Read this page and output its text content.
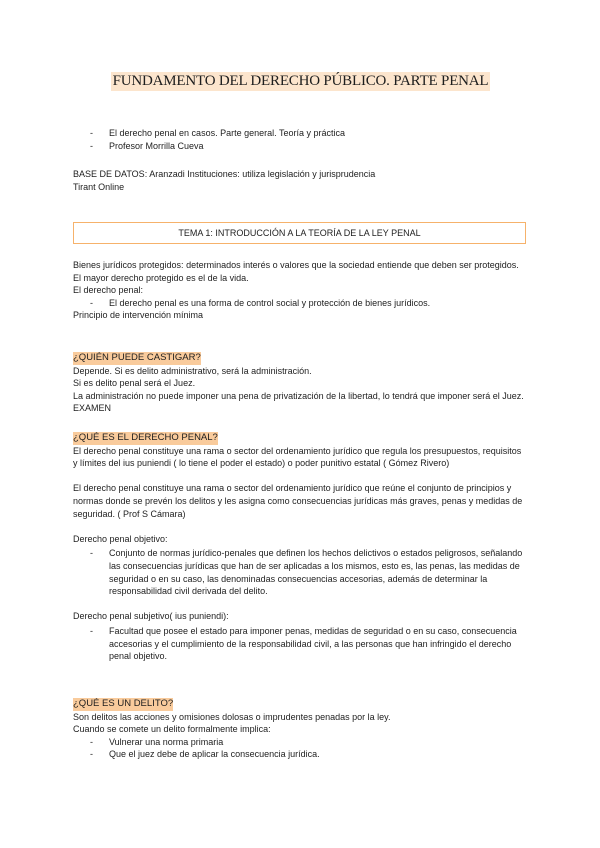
FUNDAMENTO DEL DERECHO PÚBLICO. PARTE PENAL
- El derecho penal en casos. Parte general. Teoría y práctica
- Profesor Morrilla Cueva

BASE DE DATOS: Aranzadi Instituciones: utiliza legislación y jurisprudencia

Tirant Online

TEMA 1: INTRODUCCIÓN A LA TEORÍA DE LA LEY PENAL

Bienes jurídicos protegidos: determinados interés o valores que la sociedad entiende que deben ser protegidos.

El mayor derecho protegido es el de la vida.

El derecho penal:

- El derecho penal es una forma de control social y protección de bienes jurídicos.

Principio de intervención mínima

¿QUIÉN PUEDE CASTIGAR?

Depende. Si es delito administrativo, será la administración.

Si es delito penal será el Juez.

La administración no puede imponer una pena de privatización de la libertad, lo tendrá que imponer será el Juez. EXAMEN

¿QUÉ ES EL DERECHO PENAL?

El derecho penal constituye una rama o sector del ordenamiento jurídico que regula los presupuestos, requisitos y límites del ius puniendi ( lo tiene el poder el estado) o poder punitivo estatal ( Gómez Rivero)

El derecho penal constituye una rama o sector del ordenamiento jurídico que reúne el conjunto de principios y normas donde se prevén los delitos y les asigna como consecuencias jurídicas más graves, penas y medidas de seguridad. ( Prof S Cámara)

Derecho penal objetivo:

- Conjunto de normas jurídico-penales que definen los hechos delictivos o estados peligrosos, señalando las consecuencias jurídicas que han de ser aplicadas a los mismos, esto es, las penas, las medidas de seguridad o en su caso, las denominadas consecuencias accesorias, además de determinar la responsabilidad civil derivada del delito.

Derecho penal subjetivo( ius puniendi):

- Facultad que posee el estado para imponer penas, medidas de seguridad o en su caso, consecuencia accesorias y el cumplimiento de la responsabilidad civil, a las personas que han infringido el derecho penal objetivo.
¿QUÉ ES UN DELITO?

Son delitos las acciones y omisiones dolosas o imprudentes penadas por la ley.

Cuando se comete un delito formalmente implica:

- Vulnerar una norma primaria
- Que el juez debe de aplicar la consecuencia jurídica.
